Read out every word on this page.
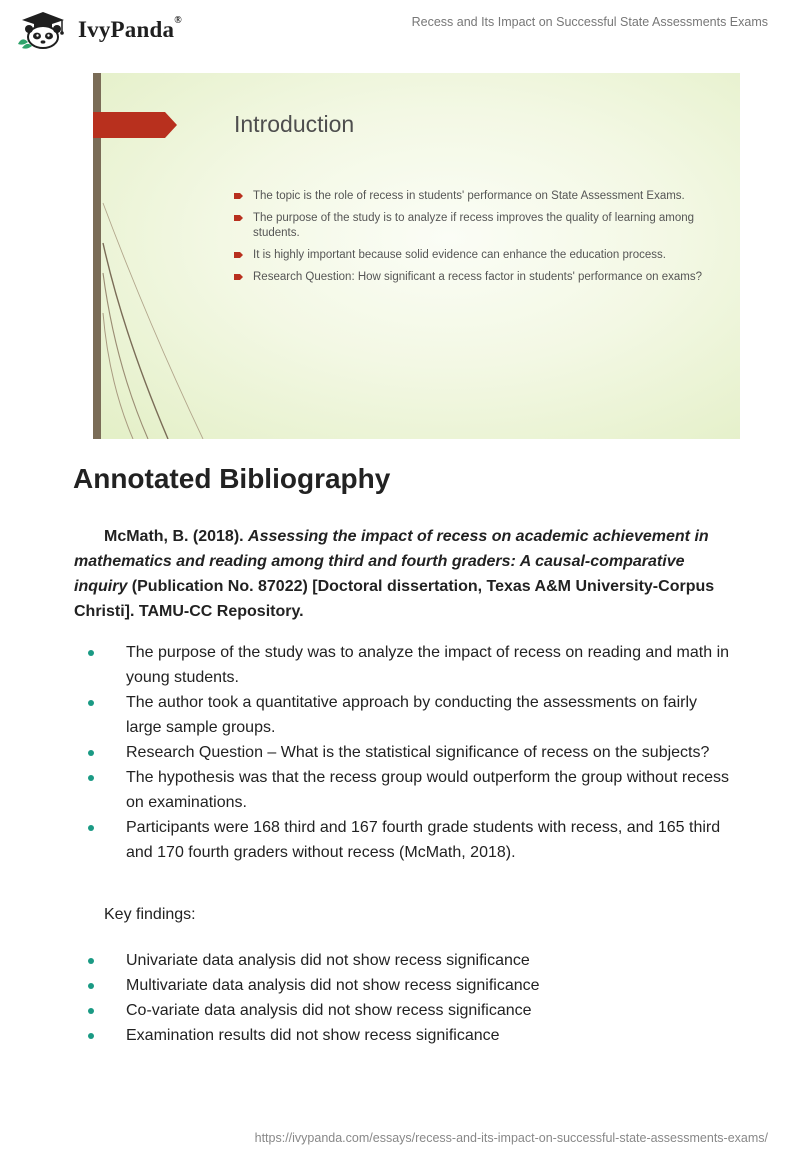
IvyPanda®	Recess and Its Impact on Successful State Assessments Exams
Introduction
The topic is the role of recess in students' performance on State Assessment Exams.
The purpose of the study is to analyze if recess improves the quality of learning among students.
It is highly important because solid evidence can enhance the education process.
Research Question: How significant a recess factor in students' performance on exams?
Annotated Bibliography

McMath, B. (2018). Assessing the impact of recess on academic achievement in mathematics and reading among third and fourth graders: A causal-comparative inquiry (Publication No. 87022) [Doctoral dissertation, Texas A&M University-Corpus Christi]. TAMU-CC Repository.

The purpose of the study was to analyze the impact of recess on reading and math in young students.
The author took a quantitative approach by conducting the assessments on fairly large sample groups.
Research Question – What is the statistical significance of recess on the subjects?
The hypothesis was that the recess group would outperform the group without recess on examinations.
Participants were 168 third and 167 fourth grade students with recess, and 165 third and 170 fourth graders without recess (McMath, 2018).

Key findings:

Univariate data analysis did not show recess significance
Multivariate data analysis did not show recess significance
Co-variate data analysis did not show recess significance
Examination results did not show recess significance
https://ivypanda.com/essays/recess-and-its-impact-on-successful-state-assessments-exams/
